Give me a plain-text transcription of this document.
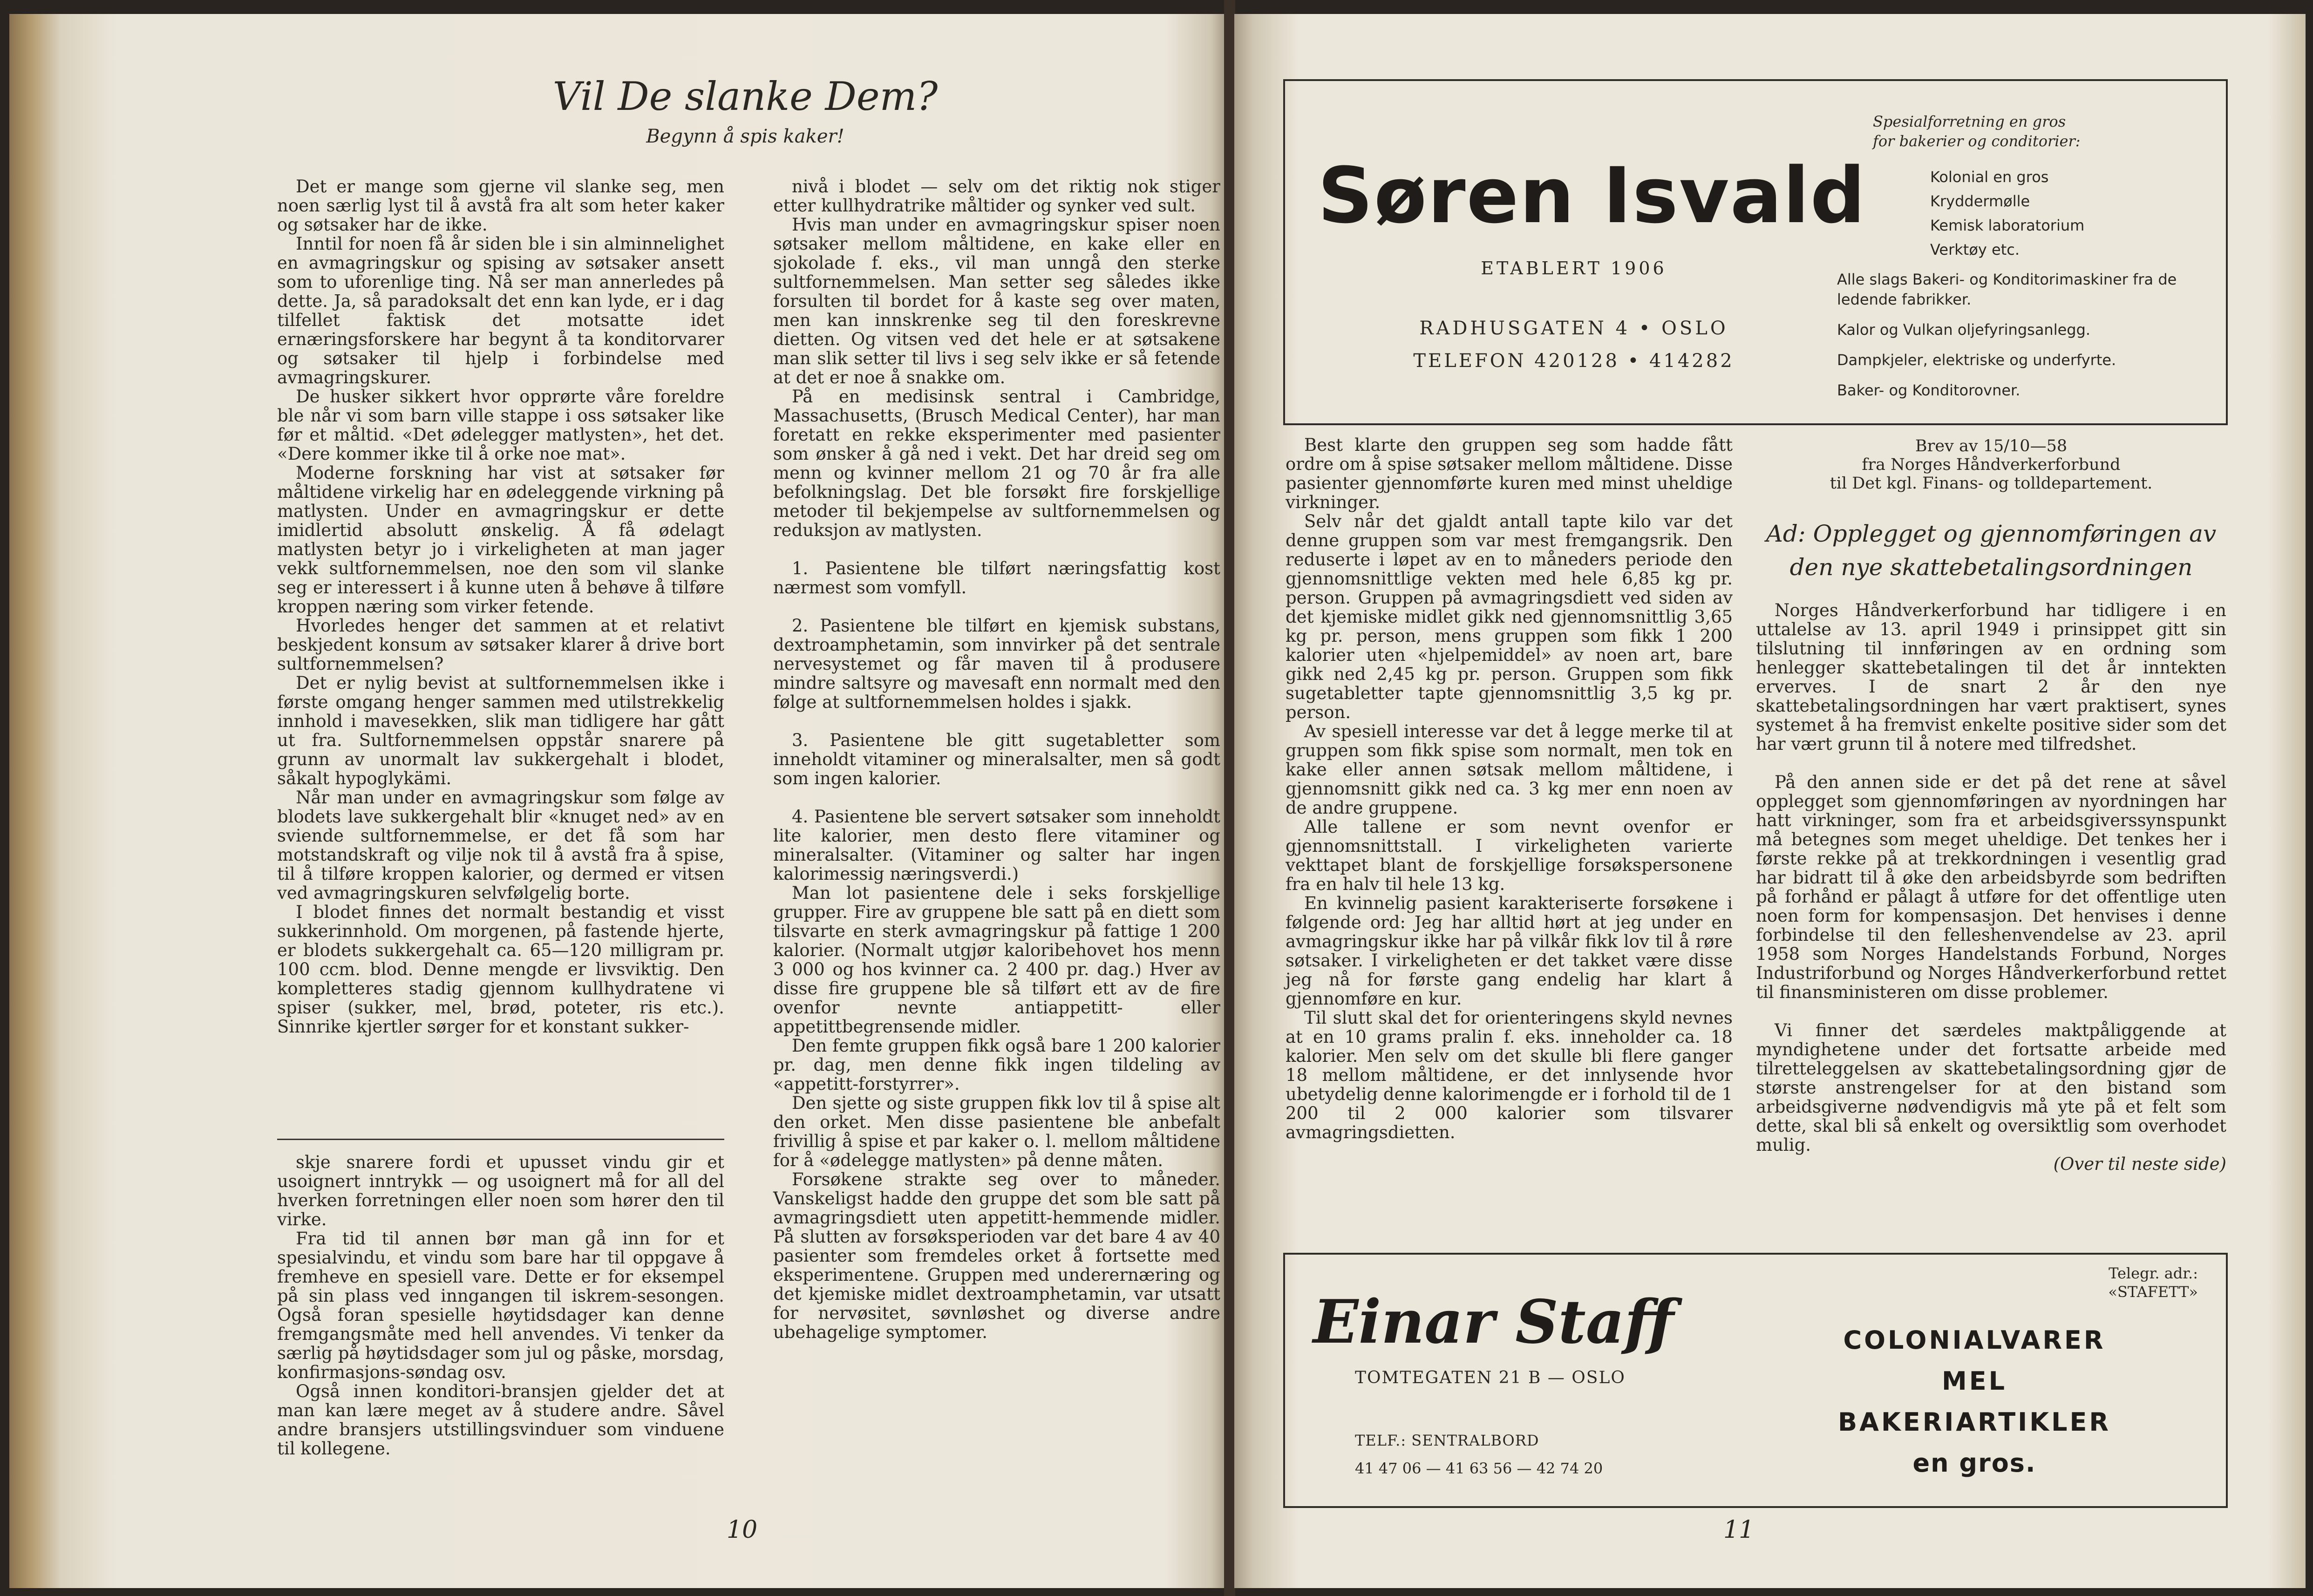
Vil De slanke Dem?
Begynn å spis kaker!

Det er mange som gjerne vil slanke seg, men noen særlig lyst til å avstå fra alt som heter kaker og søtsaker har de ikke.

Inntil for noen få år siden ble i sin alminnelighet en avmagringskur og spising av søtsaker ansett som to uforenlige ting. Nå ser man annerledes på dette. Ja, så paradoksalt det enn kan lyde, er i dag tilfellet faktisk det motsatte idet ernæringsforskere har begynt å ta konditorvarer og søtsaker til hjelp i forbindelse med avmagringskurer.

De husker sikkert hvor opprørte våre foreldre ble når vi som barn ville stappe i oss søtsaker like før et måltid. «Det ødelegger matlysten», het det. «Dere kommer ikke til å orke noe mat».

Moderne forskning har vist at søtsaker før måltidene virkelig har en ødeleggende virkning på matlysten. Under en avmagringskur er dette imidlertid absolutt ønskelig. Å få ødelagt matlysten betyr jo i virkeligheten at man jager vekk sultfornemmelsen, noe den som vil slanke seg er interessert i å kunne uten å behøve å tilføre kroppen næring som virker fetende.

Hvorledes henger det sammen at et relativt beskjedent konsum av søtsaker klarer å drive bort sultfornemmelsen?

Det er nylig bevist at sultfornemmelsen ikke i første omgang henger sammen med utilstrekkelig innhold i mavesekken, slik man tidligere har gått ut fra. Sultfornemmelsen oppstår snarere på grunn av unormalt lav sukkergehalt i blodet, såkalt hypoglykämi.

Når man under en avmagringskur som følge av blodets lave sukkergehalt blir «knuget ned» av en sviende sultfornemmelse, er det få som har motstandskraft og vilje nok til å avstå fra å spise, til å tilføre kroppen kalorier, og dermed er vitsen ved avmagringskuren selvfølgelig borte.

I blodet finnes det normalt bestandig et visst sukkerinnhold. Om morgenen, på fastende hjerte, er blodets sukkergehalt ca. 65—120 milligram pr. 100 ccm. blod. Denne mengde er livsviktig. Den kompletteres stadig gjennom kullhydratene vi spiser (sukker, mel, brød, poteter, ris etc.). Sinnrike kjertler sørger for et konstant sukker-

skje snarere fordi et upusset vindu gir et usoignert inntrykk — og usoignert må for all del hverken forretningen eller noen som hører den til virke.

Fra tid til annen bør man gå inn for et spesialvindu, et vindu som bare har til oppgave å fremheve en spesiell vare. Dette er for eksempel på sin plass ved inngangen til iskrem-sesongen. Også foran spesielle høytidsdager kan denne fremgangsmåte med hell anvendes. Vi tenker da særlig på høytidsdager som jul og påske, morsdag, konfirmasjons-søndag osv.

Også innen konditori-bransjen gjelder det at man kan lære meget av å studere andre. Såvel andre bransjers utstillingsvinduer som vinduene til kollegene.

nivå i blodet — selv om det riktig nok stiger etter kullhydratrike måltider og synker ved sult.

Hvis man under en avmagringskur spiser noen søtsaker mellom måltidene, en kake eller en sjokolade f. eks., vil man unngå den sterke sultfornemmelsen. Man setter seg således ikke forsulten til bordet for å kaste seg over maten, men kan innskrenke seg til den foreskrevne dietten. Og vitsen ved det hele er at søtsakene man slik setter til livs i seg selv ikke er så fetende at det er noe å snakke om.

På en medisinsk sentral i Cambridge, Massachusetts, (Brusch Medical Center), har man foretatt en rekke eksperimenter med pasienter som ønsker å gå ned i vekt. Det har dreid seg om menn og kvinner mellom 21 og 70 år fra alle befolkningslag. Det ble forsøkt fire forskjellige metoder til bekjempelse av sultfornemmelsen og reduksjon av matlysten.

1. Pasientene ble tilført næringsfattig kost nærmest som vomfyll.

2. Pasientene ble tilført en kjemisk substans, dextroamphetamin, som innvirker på det sentrale nervesystemet og får maven til å produsere mindre saltsyre og mavesaft enn normalt med den følge at sultfornemmelsen holdes i sjakk.

3. Pasientene ble gitt sugetabletter som inneholdt vitaminer og mineralsalter, men så godt som ingen kalorier.

4. Pasientene ble servert søtsaker som inneholdt lite kalorier, men desto flere vitaminer og mineralsalter. (Vitaminer og salter har ingen kalorimessig næringsverdi.)

Man lot pasientene dele i seks forskjellige grupper. Fire av gruppene ble satt på en diett som tilsvarte en sterk avmagringskur på fattige 1 200 kalorier. (Normalt utgjør kaloribehovet hos menn 3 000 og hos kvinner ca. 2 400 pr. dag.) Hver av disse fire gruppene ble så tilført ett av de fire ovenfor nevnte antiappetitt- eller appetittbegrensende midler.

Den femte gruppen fikk også bare 1 200 kalorier pr. dag, men denne fikk ingen tildeling av «appetitt-forstyrrer».

Den sjette og siste gruppen fikk lov til å spise alt den orket. Men disse pasientene ble anbefalt frivillig å spise et par kaker o. l. mellom måltidene for å «ødelegge matlysten» på denne måten.

Forsøkene strakte seg over to måneder. Vanskeligst hadde den gruppe det som ble satt på avmagringsdiett uten appetitt-hemmende midler. På slutten av forsøksperioden var det bare 4 av 40 pasienter som fremdeles orket å fortsette med eksperimentene. Gruppen med underernæring og det kjemiske midlet dextroamphetamin, var utsatt for nervøsitet, søvnløshet og diverse andre ubehagelige symptomer.

10
Søren Isvald
ETABLERT 1906
RADHUSGATEN 4 • OSLO
TELEFON 420128 • 414282
Spesialforretning en gros
for bakerier og conditorier:
Kolonial en gros
Kryddermølle
Kemisk laboratorium
Verktøy etc.
Alle slags Bakeri- og Konditorimaskiner fra de ledende fabrikker.
Kalor og Vulkan oljefyringsanlegg.
Dampkjeler, elektriske og underfyrte.
Baker- og Konditorovner.

Best klarte den gruppen seg som hadde fått ordre om å spise søtsaker mellom måltidene. Disse pasienter gjennomførte kuren med minst uheldige virkninger.

Selv når det gjaldt antall tapte kilo var det denne gruppen som var mest fremgangsrik. Den reduserte i løpet av en to måneders periode den gjennomsnittlige vekten med hele 6,85 kg pr. person. Gruppen på avmagringsdiett ved siden av det kjemiske midlet gikk ned gjennomsnittlig 3,65 kg pr. person, mens gruppen som fikk 1 200 kalorier uten «hjelpemiddel» av noen art, bare gikk ned 2,45 kg pr. person. Gruppen som fikk sugetabletter tapte gjennomsnittlig 3,5 kg pr. person.

Av spesiell interesse var det å legge merke til at gruppen som fikk spise som normalt, men tok en kake eller annen søtsak mellom måltidene, i gjennomsnitt gikk ned ca. 3 kg mer enn noen av de andre gruppene.

Alle tallene er som nevnt ovenfor er gjennomsnittstall. I virkeligheten varierte vekttapet blant de forskjellige forsøkspersonene fra en halv til hele 13 kg.

En kvinnelig pasient karakteriserte forsøkene i følgende ord: Jeg har alltid hørt at jeg under en avmagringskur ikke har på vilkår fikk lov til å røre søtsaker. I virkeligheten er det takket være disse jeg nå for første gang endelig har klart å gjennomføre en kur.

Til slutt skal det for orienteringens skyld nevnes at en 10 grams pralin f. eks. inneholder ca. 18 kalorier. Men selv om det skulle bli flere ganger 18 mellom måltidene, er det innlysende hvor ubetydelig denne kalorimengde er i forhold til de 1 200 til 2 000 kalorier som tilsvarer avmagringsdietten.

Brev av 15/10—58
fra Norges Håndverkerforbund
til Det kgl. Finans- og tolldepartement.
Ad: Opplegget og gjennomføringen av
den nye skattebetalingsordningen

Norges Håndverkerforbund har tidligere i en uttalelse av 13. april 1949 i prinsippet gitt sin tilslutning til innføringen av en ordning som henlegger skattebetalingen til det år inntekten erverves. I de snart 2 år den nye skattebetalingsordningen har vært praktisert, synes systemet å ha fremvist enkelte positive sider som det har vært grunn til å notere med tilfredshet.

På den annen side er det på det rene at såvel opplegget som gjennomføringen av nyordningen har hatt virkninger, som fra et arbeidsgiverssynspunkt må betegnes som meget uheldige. Det tenkes her i første rekke på at trekkordningen i vesentlig grad har bidratt til å øke den arbeidsbyrde som bedriften på forhånd er pålagt å utføre for det offentlige uten noen form for kompensasjon. Det henvises i denne forbindelse til den felleshenvendelse av 23. april 1958 som Norges Handelstands Forbund, Norges Industriforbund og Norges Håndverkerforbund rettet til finansministeren om disse problemer.

Vi finner det særdeles maktpåliggende at myndighetene under det fortsatte arbeide med tilretteleggelsen av skattebetalingsordning gjør de største anstrengelser for at den bistand som arbeidsgiverne nødvendigvis må yte på et felt som dette, skal bli så enkelt og oversiktlig som overhodet mulig.

(Over til neste side)
Einar Staff
TOMTEGATEN 21 B — OSLO
TELF.: SENTRALBORD
41 47 06 — 41 63 56 — 42 74 20
Telegr. adr.:
«STAFETT»
COLONIALVARER
MEL
BAKERIARTIKLER
en gros.
11
